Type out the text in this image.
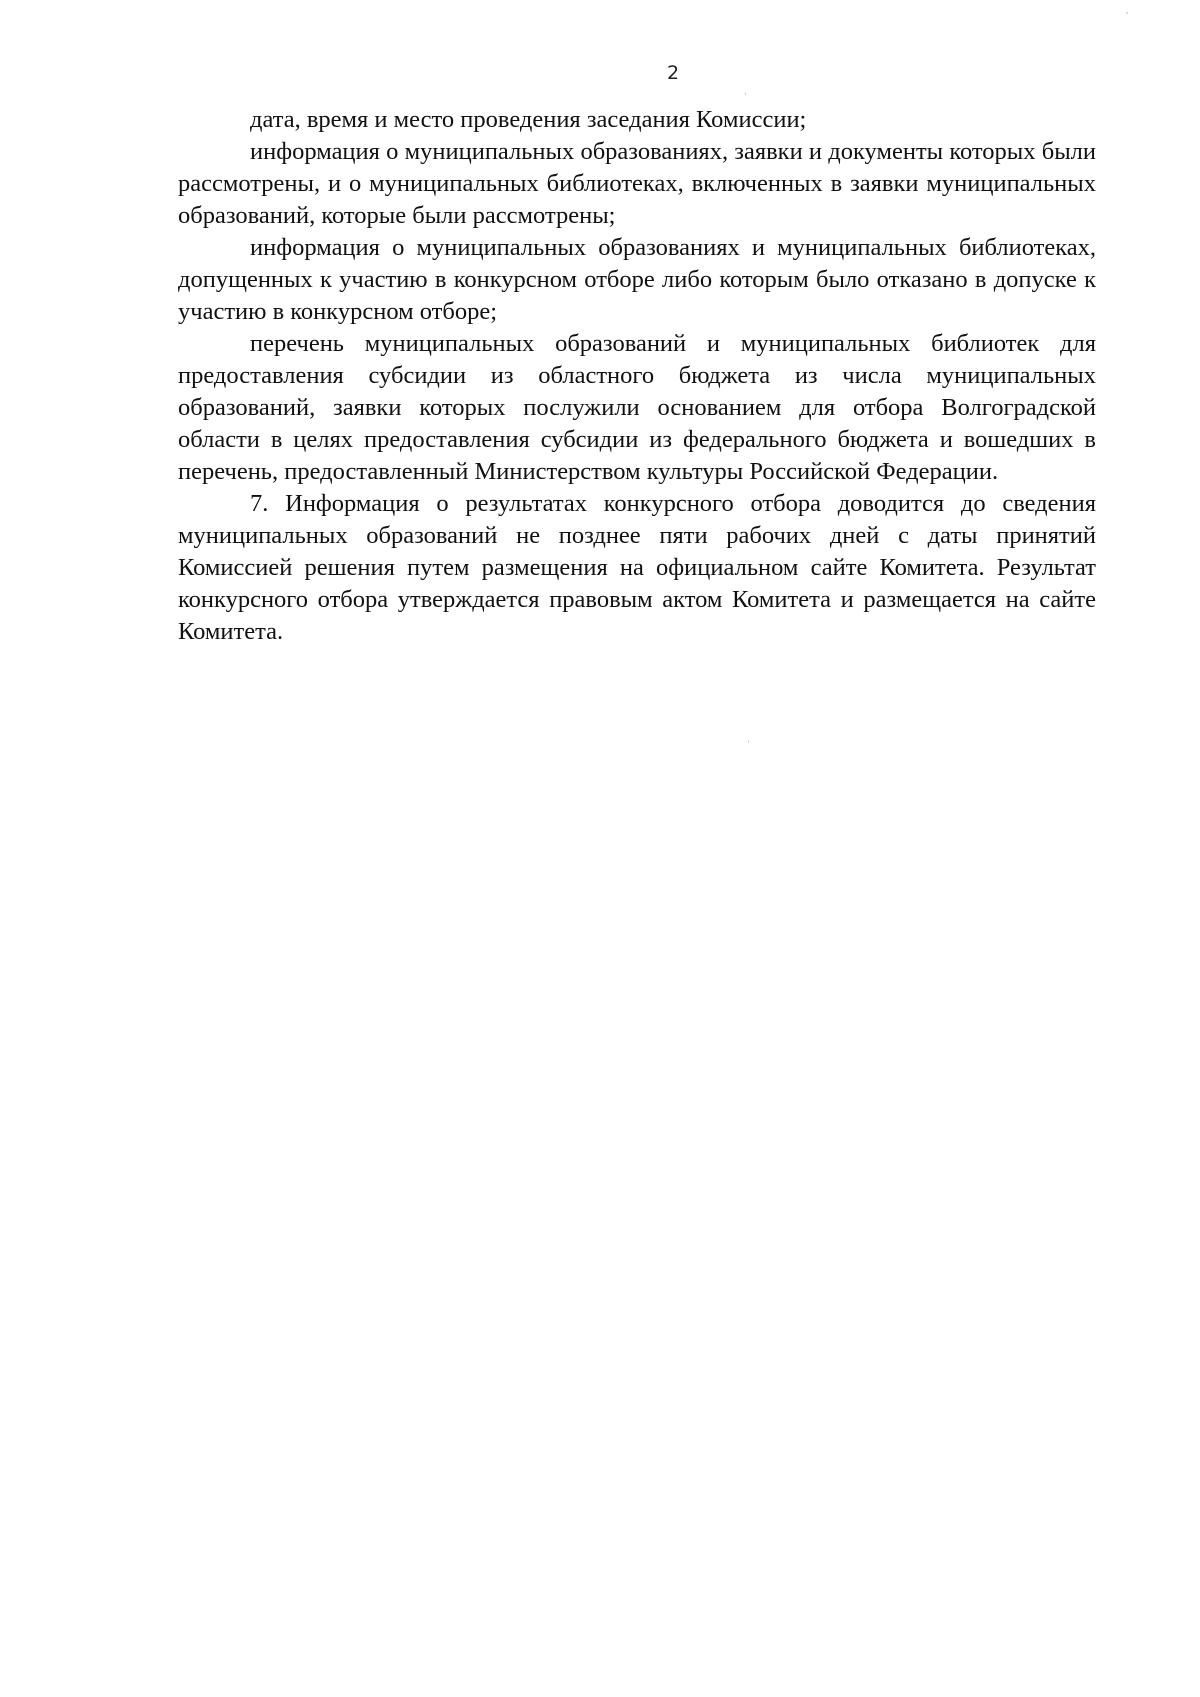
2

дата, время и место проведения заседания Комиссии;

информация о муниципальных образованиях, заявки и документы которых были рассмотрены, и о муниципальных библиотеках, включенных в заявки муниципальных образований, которые были рассмотрены;

информация о муниципальных образованиях и муниципальных библиотеках, допущенных к участию в конкурсном отборе либо которым было отказано в допуске к участию в конкурсном отборе;

перечень муниципальных образований и муниципальных библиотек для предоставления субсидии из областного бюджета из числа муниципальных образований, заявки которых послужили основанием для отбора Волгоградской области в целях предоставления субсидии из федерального бюджета и вошедших в перечень, предоставленный Министерством культуры Российской Федерации.

7. Информация о результатах конкурсного отбора доводится до сведения муниципальных образований не позднее пяти рабочих дней с даты принятий Комиссией решения путем размещения на официальном сайте Комитета. Результат конкурсного отбора утверждается правовым актом Комитета и размещается на сайте Комитета.
